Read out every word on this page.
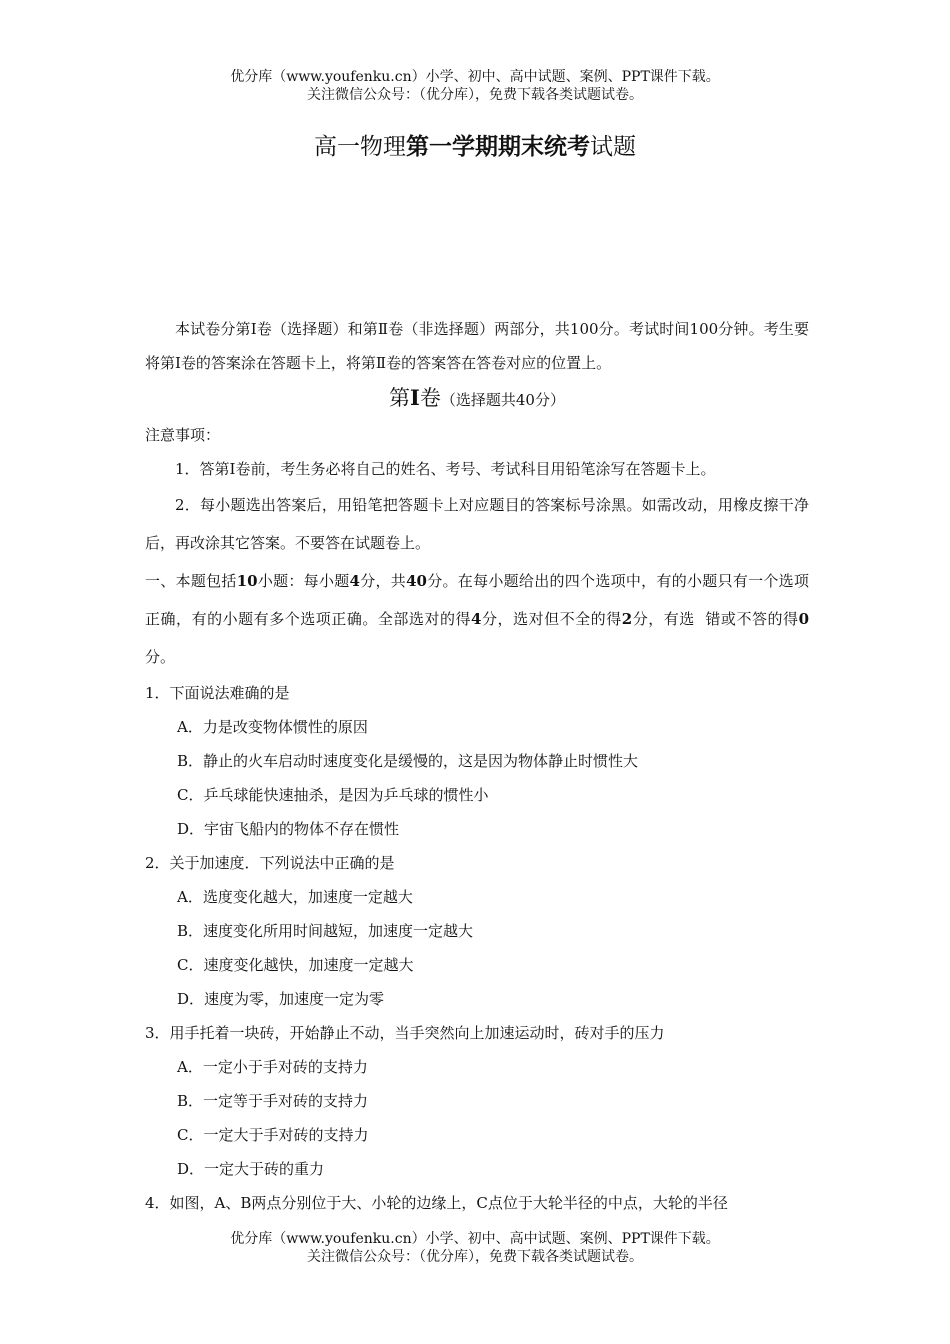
优分库（www.youfenku.cn）小学、初中、高中试题、案例、PPT课件下载。
关注微信公众号：（优分库），免费下载各类试题试卷。
高一物理第一学期期末统考试题

本试卷分第Ⅰ卷（选择题）和第Ⅱ卷（非选择题）两部分，共100分。考试时间100分钟。考生要将第Ⅰ卷的答案涂在答题卡上，将第Ⅱ卷的答案答在答卷对应的位置上。

第I卷（选择题共40分）

注意事项：

1．答第Ⅰ卷前，考生务必将自己的姓名、考号、考试科目用铅笔涂写在答题卡上。

2．每小题选出答案后，用铅笔把答题卡上对应题目的答案标号涂黑。如需改动，用橡皮擦干净后，再改涂其它答案。不要答在试题卷上。

一、本题包括10小题：每小题4分，共40分。在每小题给出的四个选项中，有的小题只有一个选项正确，有的小题有多个选项正确。全部选对的得4分，选对但不全的得2分，有选  错或不答的得0分。

1．下面说法难确的是

A．力是改变物体惯性的原因

B．静止的火车启动时速度变化是缓慢的，这是因为物体静止时惯性大

C．乒乓球能快速抽杀，是因为乒乓球的惯性小

D．宇宙飞船内的物体不存在惯性

2．关于加速度．下列说法中正确的是

A．选度变化越大，加速度一定越大

B．速度变化所用时间越短，加速度一定越大

C．速度变化越快，加速度一定越大

D．速度为零，加速度一定为零

3．用手托着一块砖，开始静止不动，当手突然向上加速运动时，砖对手的压力

A．一定小于手对砖的支持力

B．一定等于手对砖的支持力

C．一定大于手对砖的支持力

D．一定大于砖的重力

4．如图，A、B两点分别位于大、小轮的边缘上，C点位于大轮半径的中点，大轮的半径

优分库（www.youfenku.cn）小学、初中、高中试题、案例、PPT课件下载。
关注微信公众号：（优分库），免费下载各类试题试卷。
